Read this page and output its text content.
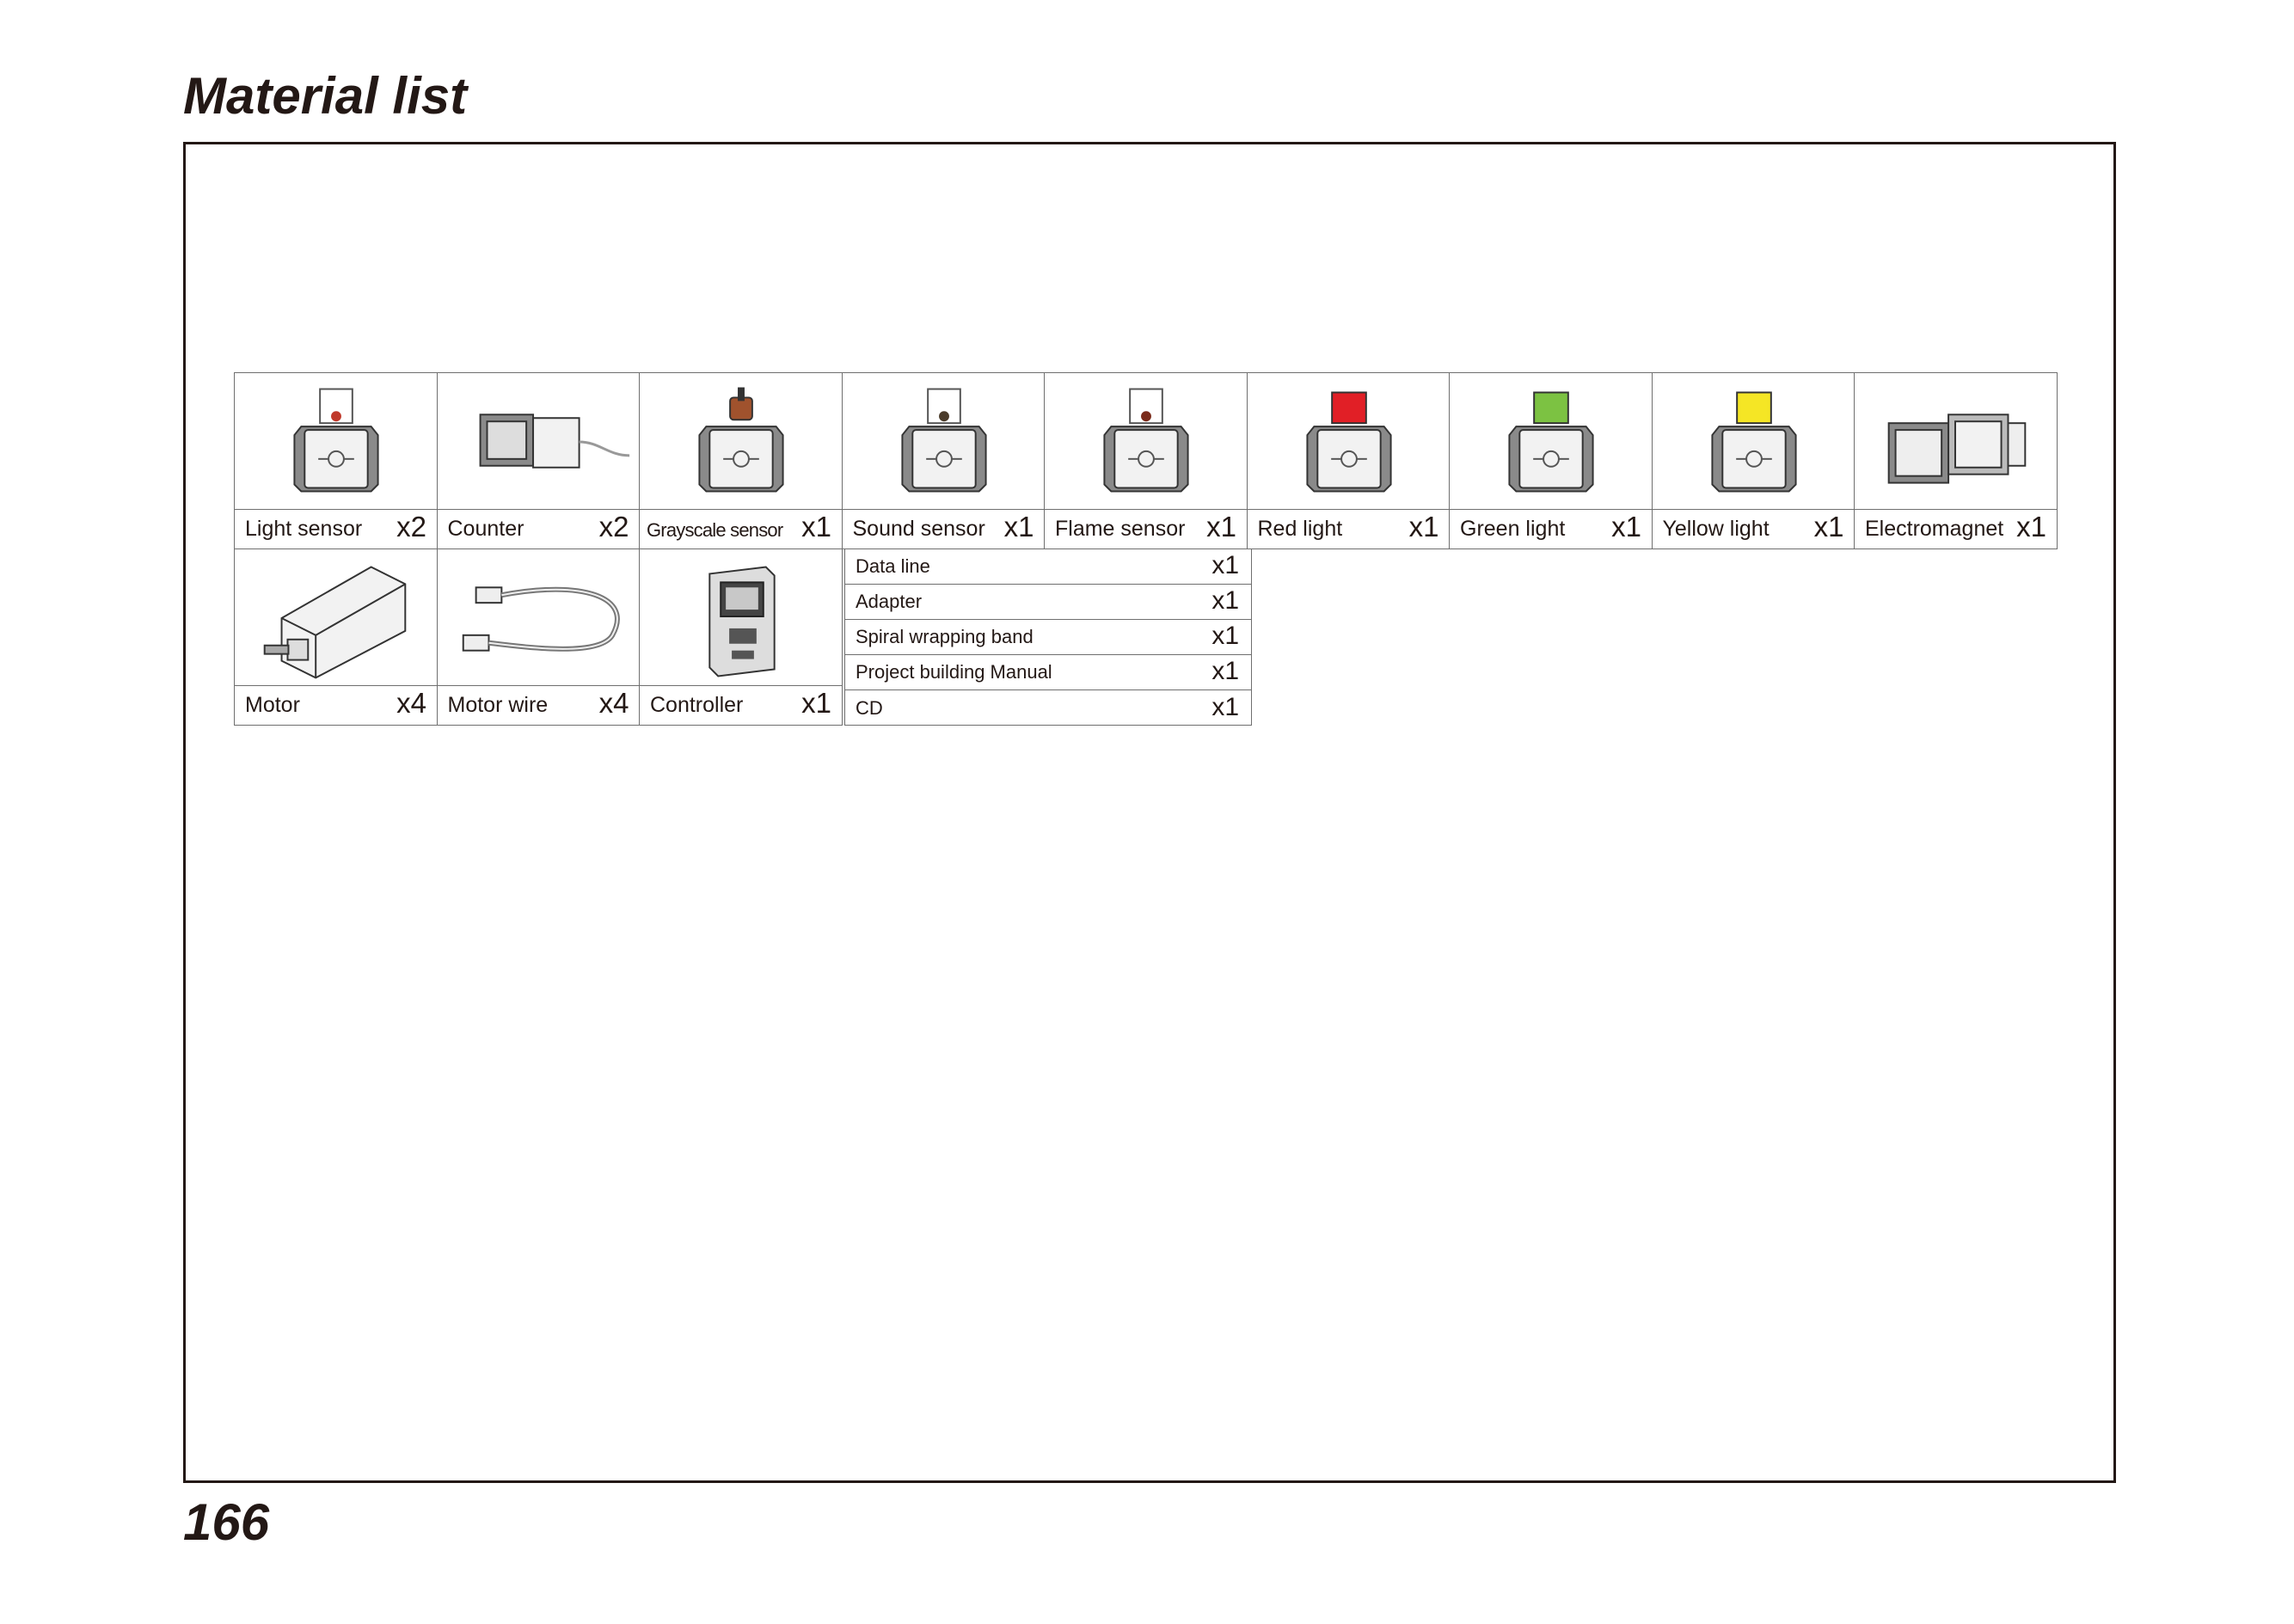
Material list
166
Light sensor x2 Counter	x2 Grayscale sensor x1 Sound sensor x1 Flame sensor x1 Red light x1 Green light x1 Yellow light x1 Electromagnet x1
Motor	x4 Motor wire x4 Controller x1
Data line	x1
Adapter	x1
Spiral wrapping band	x1
Project building Manual	x1
CD	x1
